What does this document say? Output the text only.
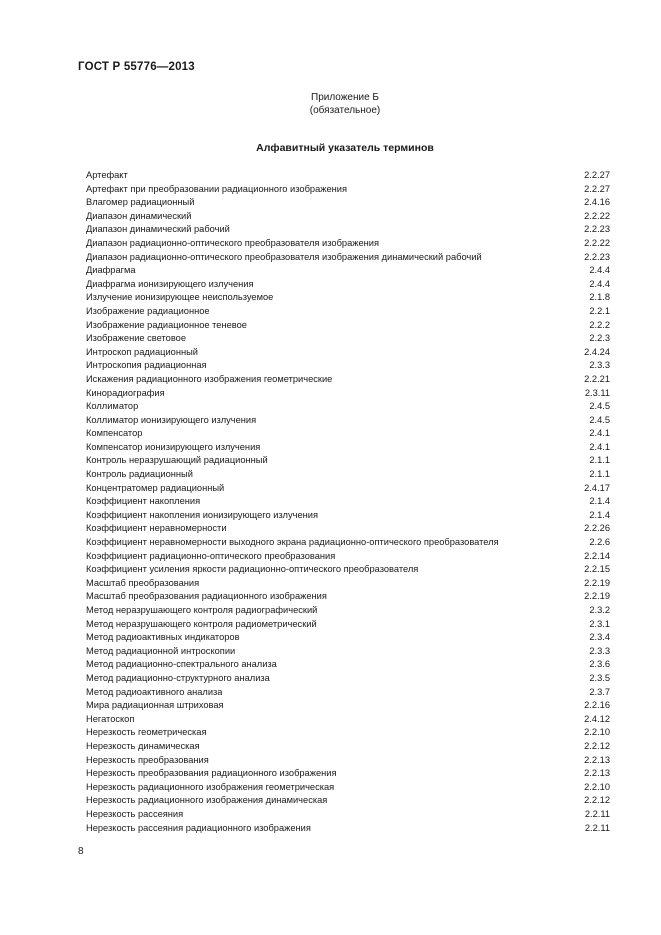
ГОСТ Р 55776—2013
Приложение Б
(обязательное)
Алфавитный указатель терминов
Артефакт	2.2.27
Артефакт при преобразовании радиационного изображения	2.2.27
Влагомер радиационный	2.4.16
Диапазон динамический	2.2.22
Диапазон динамический рабочий	2.2.23
Диапазон радиационно-оптического преобразователя изображения	2.2.22
Диапазон радиационно-оптического преобразователя изображения динамический рабочий	2.2.23
Диафрагма	2.4.4
Диафрагма ионизирующего излучения	2.4.4
Излучение ионизирующее неиспользуемое	2.1.8
Изображение радиационное	2.2.1
Изображение радиационное теневое	2.2.2
Изображение световое	2.2.3
Интроскоп радиационный	2.4.24
Интроскопия радиационная	2.3.3
Искажения радиационного изображения геометрические	2.2.21
Кинорадиография	2.3.11
Коллиматор	2.4.5
Коллиматор ионизирующего излучения	2.4.5
Компенсатор	2.4.1
Компенсатор ионизирующего излучения	2.4.1
Контроль неразрушающий радиационный	2.1.1
Контроль радиационный	2.1.1
Концентратомер радиационный	2.4.17
Коэффициент накопления	2.1.4
Коэффициент накопления ионизирующего излучения	2.1.4
Коэффициент неравномерности	2.2.26
Коэффициент неравномерности выходного экрана радиационно-оптического преобразователя	2.2.6
Коэффициент радиационно-оптического преобразования	2.2.14
Коэффициент усиления яркости радиационно-оптического преобразователя	2.2.15
Масштаб преобразования	2.2.19
Масштаб преобразования радиационного изображения	2.2.19
Метод неразрушающего контроля радиографический	2.3.2
Метод неразрушающего контроля радиометрический	2.3.1
Метод радиоактивных индикаторов	2.3.4
Метод радиационной интроскопии	2.3.3
Метод радиационно-спектрального анализа	2.3.6
Метод радиационно-структурного анализа	2.3.5
Метод радиоактивного анализа	2.3.7
Мира радиационная штриховая	2.2.16
Негатоскоп	2.4.12
Нерезкость геометрическая	2.2.10
Нерезкость динамическая	2.2.12
Нерезкость преобразования	2.2.13
Нерезкость преобразования радиационного изображения	2.2.13
Нерезкость радиационного изображения геометрическая	2.2.10
Нерезкость радиационного изображения динамическая	2.2.12
Нерезкость рассеяния	2.2.11
Нерезкость рассеяния радиационного изображения	2.2.11
8
